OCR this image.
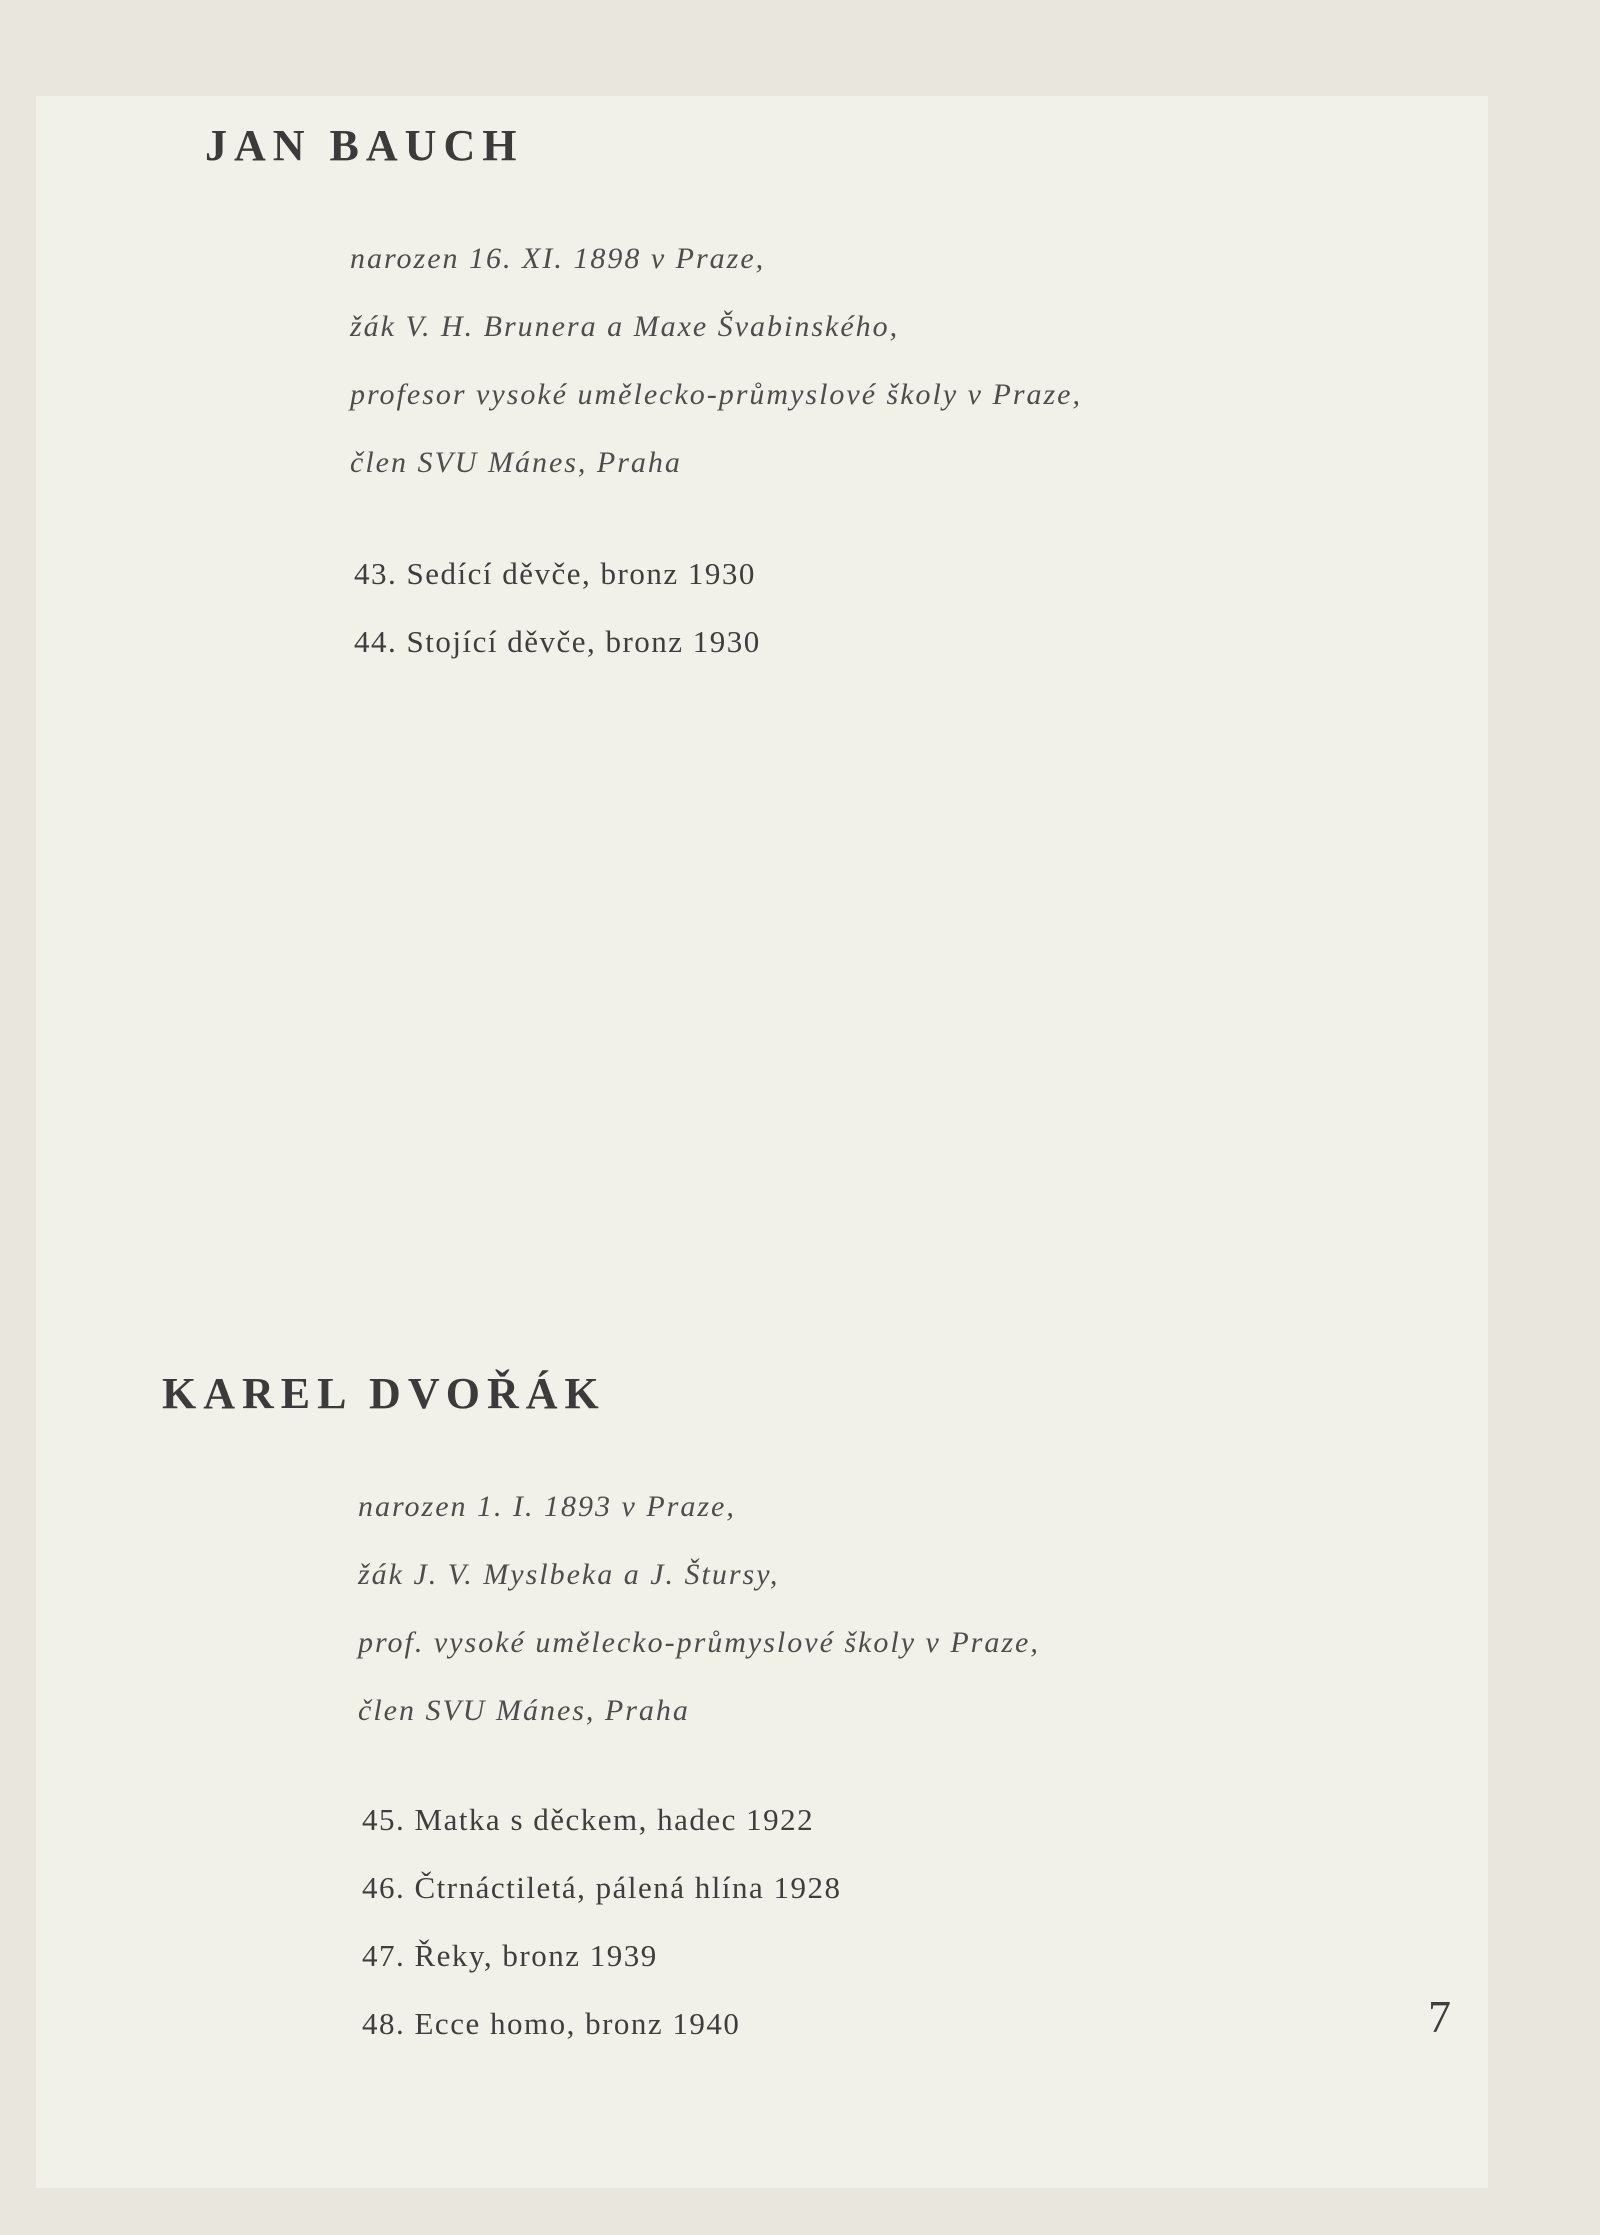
JAN BAUCH
narozen 16. XI. 1898 v Praze,
žák V. H. Brunera a Maxe Švabinského,
profesor vysoké umělecko-průmyslové školy v Praze,
člen SVU Mánes, Praha
43. Sedící děvče, bronz 1930
44. Stojící děvče, bronz 1930
KAREL DVOŘÁK
narozen 1. I. 1893 v Praze,
žák J. V. Myslbeka a J. Štursy,
prof. vysoké umělecko-průmyslové školy v Praze,
člen SVU Mánes, Praha
45. Matka s děckem, hadec 1922
46. Čtrnáctiletá, pálená hlína 1928
47. Řeky, bronz 1939
48. Ecce homo, bronz 1940	7
